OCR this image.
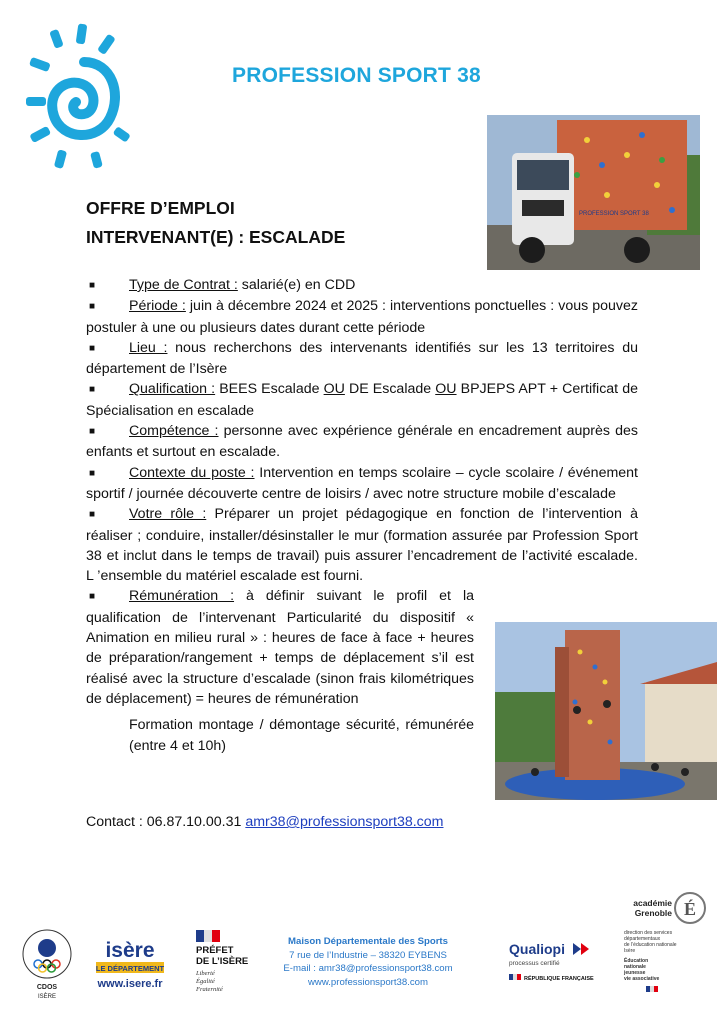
PROFESSION SPORT 38
PROFESSION SPORT 38
OFFRE D’EMPLOI
INTERVENANT(E) : ESCALADE
■ Type de Contrat : salarié(e) en CDD
■ Période : juin à décembre 2024 et 2025 : interventions ponctuelles : vous pouvez postuler à une ou plusieurs dates durant cette période
■ Lieu : nous recherchons des intervenants identifiés sur les 13 territoires du département de l’Isère
■ Qualification : BEES Escalade OU DE Escalade OU BPJEPS APT + Certificat de Spécialisation en escalade
■ Compétence : personne avec expérience générale en encadrement auprès des enfants et surtout en escalade.
■ Contexte du poste : Intervention en temps scolaire – cycle scolaire / événement sportif / journée découverte centre de loisirs / avec notre structure mobile d’escalade
■ Votre rôle : Préparer un projet pédagogique en fonction de l’intervention à réaliser ; conduire, installer/désinstaller le mur (formation assurée par Profession Sport 38 et inclut dans le temps de travail) puis assurer l’encadrement de l’activité escalade. L ’ensemble du matériel escalade est fourni.
■ Rémunération : à définir suivant le profil et la qualification de l’intervenant Particularité du dispositif « Animation en milieu rural » : heures de face à face + heures de préparation/rangement + temps de déplacement s’il est réalisé avec la structure d’escalade (sinon frais kilométriques de déplacement) = heures de rémunération
Formation montage / démontage sécurité, rémunérée (entre 4 et 10h)
Contact : 06.87.10.00.31 amr38@professionsport38.com
CDOS
ISÈRE
isère
LE DÉPARTEMENT
www.isere.fr
PRÉFET
DE L’ISÈRE
Liberté
Égalité
Fraternité
Maison Départementale des Sports
7 rue de l’Industrie – 38320 EYBENS
E-mail : amr38@professionsport38.com
www.professionsport38.com
Qualiopi
processus certifié
RÉPUBLIQUE FRANÇAISE
É
académie
Grenoble
direction des services
départementaux
de l’éducation nationale
Isère
Éducation
nationale
jeunesse
vie associative
